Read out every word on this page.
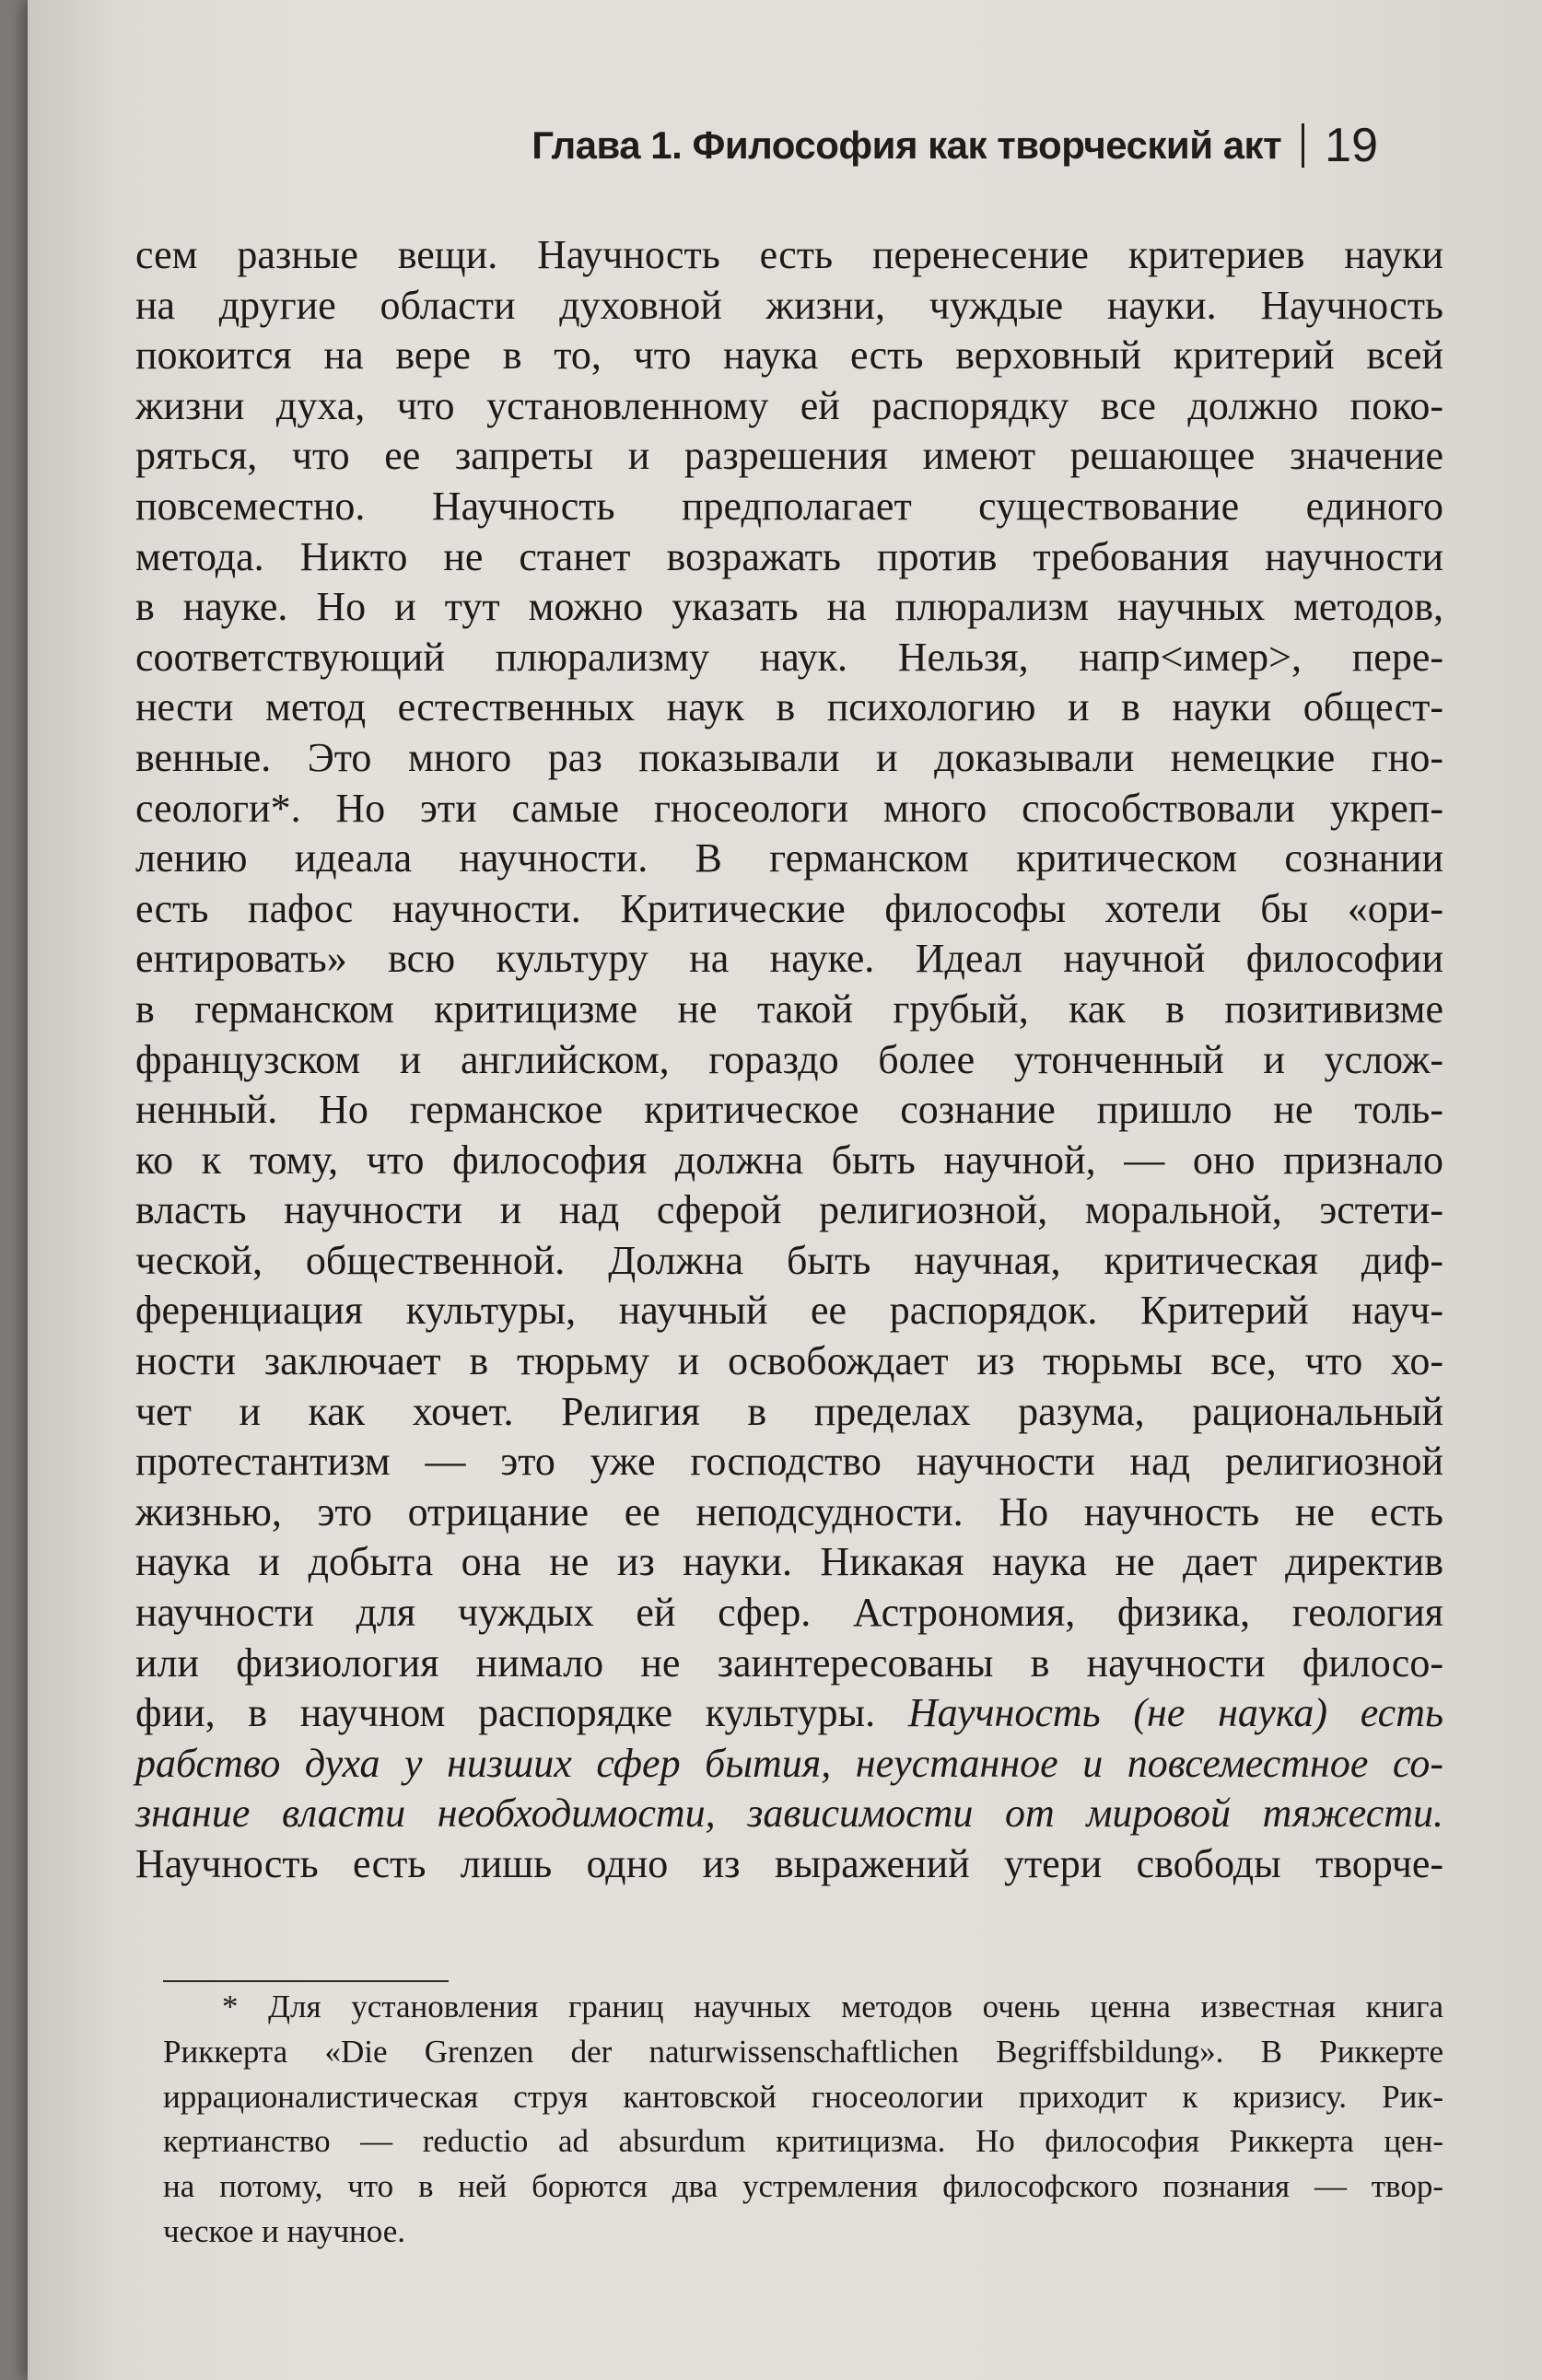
Глава 1. Философия как творческий акт 19
сем разные вещи. Научность есть перенесение критериев науки
на другие области духовной жизни, чуждые науки. Научность
покоится на вере в то, что наука есть верховный критерий всей
жизни духа, что установленному ей распорядку все должно поко-
ряться, что ее запреты и разрешения имеют решающее значение
повсеместно. Научность предполагает существование единого
метода. Никто не станет возражать против требования научности
в науке. Но и тут можно указать на плюрализм научных методов,
соответствующий плюрализму наук. Нельзя, напр<имер>, пере-
нести метод естественных наук в психологию и в науки общест-
венные. Это много раз показывали и доказывали немецкие гно-
сеологи*. Но эти самые гносеологи много способствовали укреп-
лению идеала научности. В германском критическом сознании
есть пафос научности. Критические философы хотели бы «ори-
ентировать» всю культуру на науке. Идеал научной философии
в германском критицизме не такой грубый, как в позитивизме
французском и английском, гораздо более утонченный и услож-
ненный. Но германское критическое сознание пришло не толь-
ко к тому, что философия должна быть научной, — оно признало
власть научности и над сферой религиозной, моральной, эстети-
ческой, общественной. Должна быть научная, критическая диф-
ференциация культуры, научный ее распорядок. Критерий науч-
ности заключает в тюрьму и освобождает из тюрьмы все, что хо-
чет и как хочет. Религия в пределах разума, рациональный
протестантизм — это уже господство научности над религиозной
жизнью, это отрицание ее неподсудности. Но научность не есть
наука и добыта она не из науки. Никакая наука не дает директив
научности для чуждых ей сфер. Астрономия, физика, геология
или физиология нимало не заинтересованы в научности филосо-
фии, в научном распорядке культуры. Научность (не наука) есть
рабство духа у низших сфер бытия, неустанное и повсеместное со-
знание власти необходимости, зависимости от мировой тяжести.
Научность есть лишь одно из выражений утери свободы творче-
* Для установления границ научных методов очень ценна известная книга
Риккерта «Die Grenzen der naturwissenschaftlichen Begriffsbildung». В Риккерте
иррационалистическая струя кантовской гносеологии приходит к кризису. Рик-
кертианство — reductio ad absurdum критицизма. Но философия Риккерта цен-
на потому, что в ней борются два устремления философского познания — твор-
ческое и научное.
